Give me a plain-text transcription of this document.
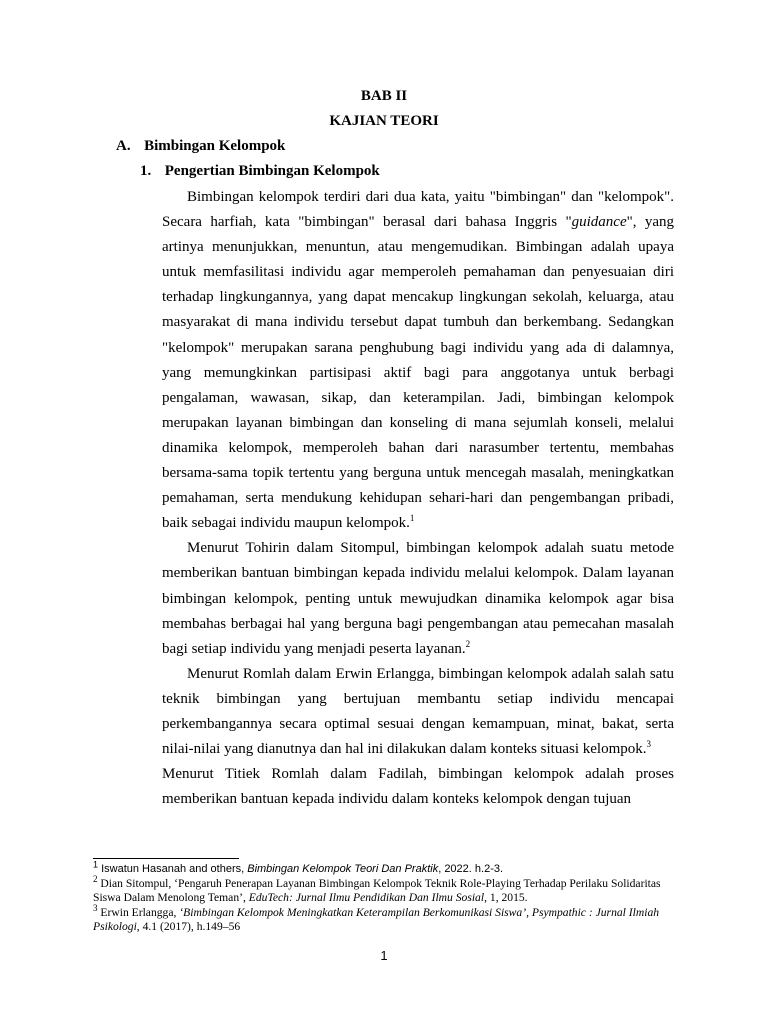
BAB II
KAJIAN TEORI
A. Bimbingan Kelompok
1. Pengertian Bimbingan Kelompok

Bimbingan kelompok terdiri dari dua kata, yaitu "bimbingan" dan "kelompok". Secara harfiah, kata "bimbingan" berasal dari bahasa Inggris "guidance", yang artinya menunjukkan, menuntun, atau mengemudikan. Bimbingan adalah upaya untuk memfasilitasi individu agar memperoleh pemahaman dan penyesuaian diri terhadap lingkungannya, yang dapat mencakup lingkungan sekolah, keluarga, atau masyarakat di mana individu tersebut dapat tumbuh dan berkembang. Sedangkan "kelompok" merupakan sarana penghubung bagi individu yang ada di dalamnya, yang memungkinkan partisipasi aktif bagi para anggotanya untuk berbagi pengalaman, wawasan, sikap, dan keterampilan. Jadi, bimbingan kelompok merupakan layanan bimbingan dan konseling di mana sejumlah konseli, melalui dinamika kelompok, memperoleh bahan dari narasumber tertentu, membahas bersama-sama topik tertentu yang berguna untuk mencegah masalah, meningkatkan pemahaman, serta mendukung kehidupan sehari-hari dan pengembangan pribadi, baik sebagai individu maupun kelompok.$^1$

Menurut Tohirin dalam Sitompul, bimbingan kelompok adalah suatu metode memberikan bantuan bimbingan kepada individu melalui kelompok. Dalam layanan bimbingan kelompok, penting untuk mewujudkan dinamika kelompok agar bisa membahas berbagai hal yang berguna bagi pengembangan atau pemecahan masalah bagi setiap individu yang menjadi peserta layanan.$^2$

Menurut Romlah dalam Erwin Erlangga, bimbingan kelompok adalah salah satu teknik bimbingan yang bertujuan membantu setiap individu mencapai perkembangannya secara optimal sesuai dengan kemampuan, minat, bakat, serta nilai-nilai yang dianutnya dan hal ini dilakukan dalam konteks situasi kelompok.$^3$

Menurut Titiek Romlah dalam Fadilah, bimbingan kelompok adalah proses memberikan bantuan kepada individu dalam konteks kelompok dengan tujuan

$^1$ Iswatun Hasanah and others, Bimbingan Kelompok Teori Dan Praktik, 2022. h.2-3.
$^2$ Dian Sitompul, ‘Pengaruh Penerapan Layanan Bimbingan Kelompok Teknik Role-Playing Terhadap Perilaku Solidaritas Siswa Dalam Menolong Teman’, EduTech: Jurnal Ilmu Pendidikan Dan Ilmu Sosial, 1, 2015.
$^3$ Erwin Erlangga, ‘Bimbingan Kelompok Meningkatkan Keterampilan Berkomunikasi Siswa’, Psympathic : Jurnal Ilmiah Psikologi, 4.1 (2017), h.149–56
1
